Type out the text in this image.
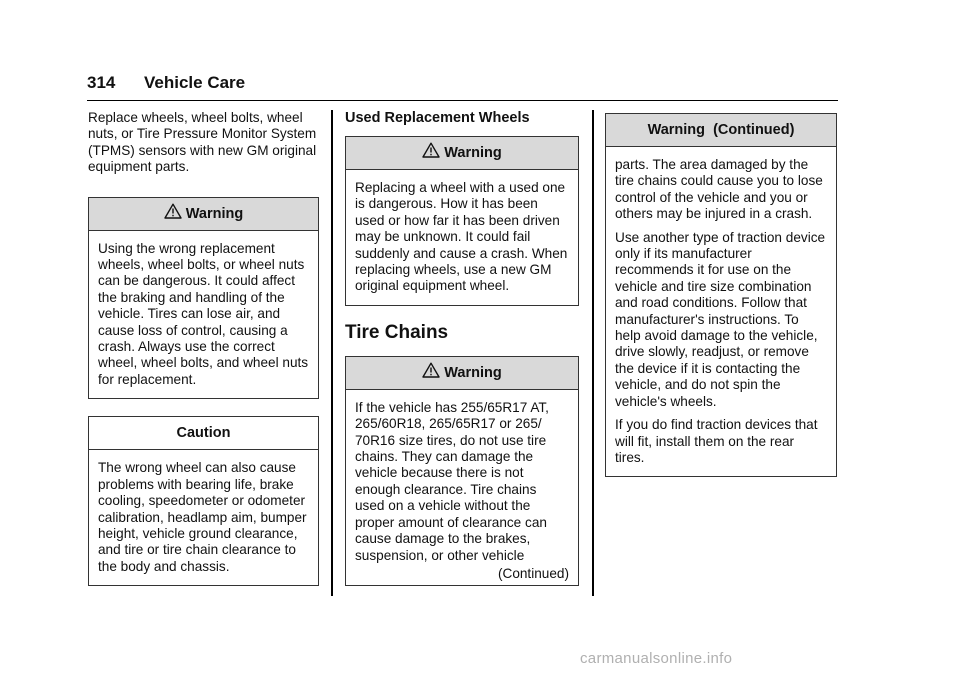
314 Vehicle Care

Replace wheels, wheel bolts, wheel nuts, or Tire Pressure Monitor System (TPMS) sensors with new GM original equipment parts.

Warning

Using the wrong replacement wheels, wheel bolts, or wheel nuts can be dangerous. It could affect the braking and handling of the vehicle. Tires can lose air, and cause loss of control, causing a crash. Always use the correct wheel, wheel bolts, and wheel nuts for replacement.

Caution

The wrong wheel can also cause problems with bearing life, brake cooling, speedometer or odometer calibration, headlamp aim, bumper height, vehicle ground clearance, and tire or tire chain clearance to the body and chassis.

Used Replacement Wheels
Warning

Replacing a wheel with a used one is dangerous. How it has been used or how far it has been driven may be unknown. It could fail suddenly and cause a crash. When replacing wheels, use a new GM original equipment wheel.

Tire Chains
Warning

If the vehicle has 255/65R17 AT, 265/60R18, 265/65R17 or 265/ 70R16 size tires, do not use tire chains. They can damage the vehicle because there is not enough clearance. Tire chains used on a vehicle without the proper amount of clearance can cause damage to the brakes, suspension, or other vehicle

(Continued)
Warning  (Continued)

parts. The area damaged by the tire chains could cause you to lose control of the vehicle and you or others may be injured in a crash.

Use another type of traction device only if its manufacturer recommends it for use on the vehicle and tire size combination and road conditions. Follow that manufacturer's instructions. To help avoid damage to the vehicle, drive slowly, readjust, or remove the device if it is contacting the vehicle, and do not spin the vehicle's wheels.

If you do find traction devices that will fit, install them on the rear tires.

carmanualsonline.info
